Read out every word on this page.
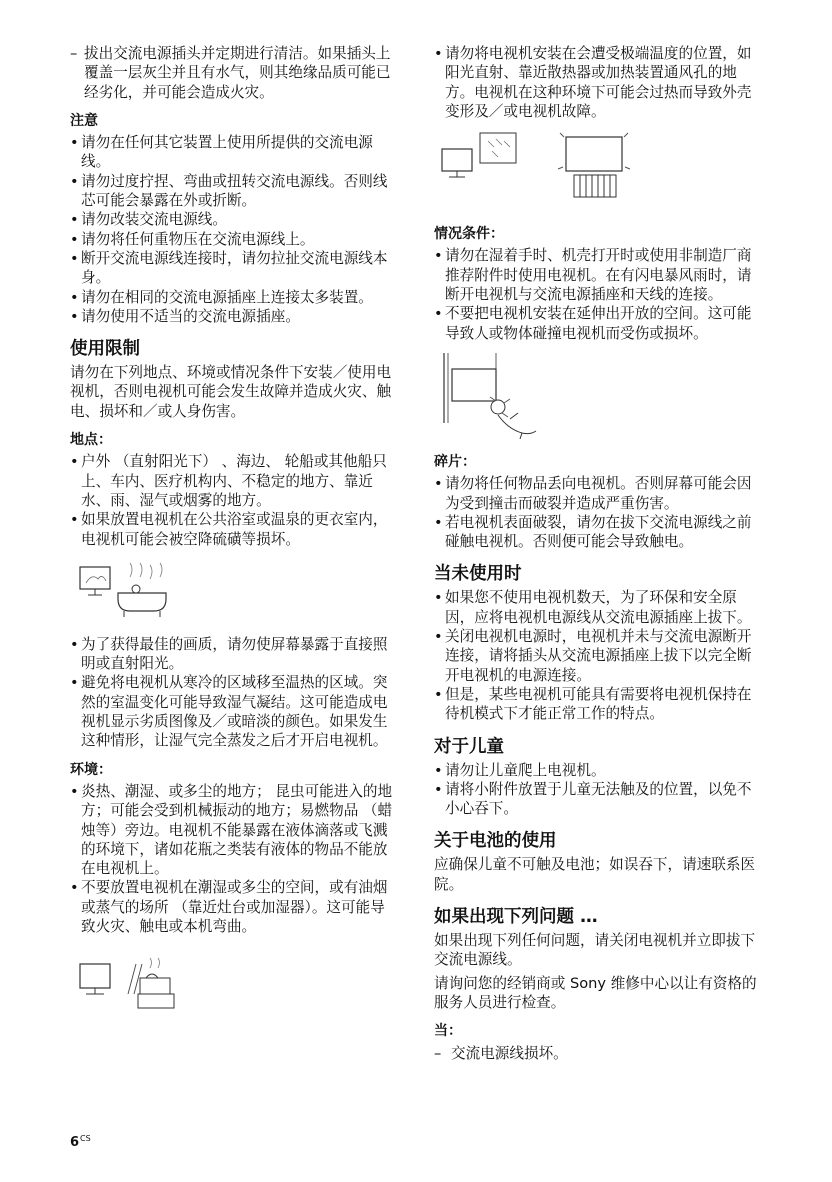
– 拔出交流电源插头并定期进行清洁。如果插头上覆盖一层灰尘并且有水气，则其绝缘品质可能已经劣化，并可能会造成火灾。
注意
• 请勿在任何其它装置上使用所提供的交流电源线。
• 请勿过度拧捏、弯曲或扭转交流电源线。否则线芯可能会暴露在外或折断。
• 请勿改装交流电源线。
• 请勿将任何重物压在交流电源线上。
• 断开交流电源线连接时，请勿拉扯交流电源线本身。
• 请勿在相同的交流电源插座上连接太多装置。
• 请勿使用不适当的交流电源插座。
使用限制
请勿在下列地点、环境或情况条件下安装／使用电视机，否则电视机可能会发生故障并造成火灾、触电、损坏和／或人身伤害。
地点：
• 户外 （直射阳光下） 、海边、 轮船或其他船只上、车内、医疗机构内、不稳定的地方、靠近水、雨、湿气或烟雾的地方。
• 如果放置电视机在公共浴室或温泉的更衣室内，电视机可能会被空降硫磺等损坏。
• 为了获得最佳的画质，请勿使屏幕暴露于直接照明或直射阳光。
• 避免将电视机从寒冷的区域移至温热的区域。突然的室温变化可能导致湿气凝结。这可能造成电视机显示劣质图像及／或暗淡的颜色。如果发生这种情形，让湿气完全蒸发之后才开启电视机。
环境：
• 炎热、潮湿、或多尘的地方； 昆虫可能进入的地方；可能会受到机械振动的地方；易燃物品 （蜡烛等）旁边。电视机不能暴露在液体滴落或飞溅的环境下，诸如花瓶之类装有液体的物品不能放在电视机上。
• 不要放置电视机在潮湿或多尘的空间，或有油烟或蒸气的场所 （靠近灶台或加湿器）。这可能导致火灾、触电或本机弯曲。
• 请勿将电视机安装在会遭受极端温度的位置，如阳光直射、靠近散热器或加热装置通风孔的地方。电视机在这种环境下可能会过热而导致外壳变形及／或电视机故障。
情况条件：
• 请勿在湿着手时、机壳打开时或使用非制造厂商推荐附件时使用电视机。在有闪电暴风雨时，请断开电视机与交流电源插座和天线的连接。
• 不要把电视机安装在延伸出开放的空间。这可能导致人或物体碰撞电视机而受伤或损坏。
碎片：
• 请勿将任何物品丢向电视机。否则屏幕可能会因为受到撞击而破裂并造成严重伤害。
• 若电视机表面破裂，请勿在拔下交流电源线之前碰触电视机。否则便可能会导致触电。
当未使用时
• 如果您不使用电视机数天，为了环保和安全原因，应将电视机电源线从交流电源插座上拔下。
• 关闭电视机电源时，电视机并未与交流电源断开连接，请将插头从交流电源插座上拔下以完全断开电视机的电源连接。
• 但是，某些电视机可能具有需要将电视机保持在待机模式下才能正常工作的特点。
对于儿童
• 请勿让儿童爬上电视机。
• 请将小附件放置于儿童无法触及的位置，以免不小心吞下。
关于电池的使用
应确保儿童不可触及电池；如误吞下，请速联系医院。
如果出现下列问题 …
如果出现下列任何问题，请关闭电视机并立即拔下交流电源线。
请询问您的经销商或 Sony 维修中心以让有资格的服务人员进行检查。
当：
– 交流电源线损坏。
$6^{CS}$
